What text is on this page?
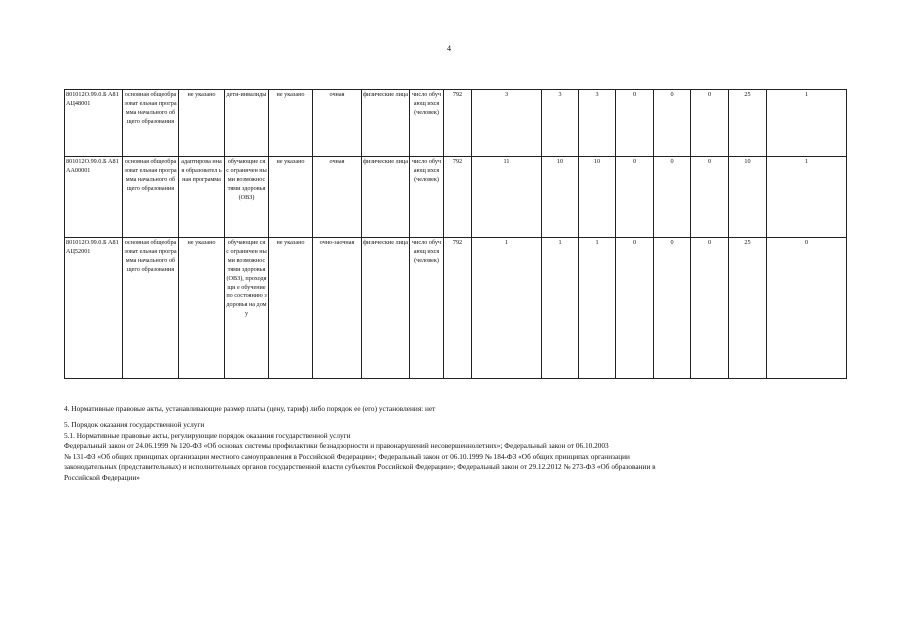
4
801012О.99.0.Б А81АЦ48001	основная общеобразоват ельная программа начального общего образования	не указано	дети-инвалиды	не указано	очная	физические лица	число обучающ ихся (человек)	792	3	3	3	0	0	0	25	1
801012О.99.0.Б А81АА00001	основная общеобразоват ельная программа начального общего образования	адаптирова нная образовател ьная программа	обучающие ся с ограничен ными возможнос тями здоровья (ОВЗ)	не указано	очная	физические лица	число обучающ ихся (человек)	792	11	10	10	0	0	0	10	1
801012О.99.0.Б А81АЦ52001	основная общеобразоват ельная программа начального общего образования	не указано	обучающие ся с ограничен ными возможнос тями здоровья (ОВЗ), проходящи е обучение по состоянию здоровья на дому	не указано	очно-заочная	физические лица	число обучающ ихся (человек)	792	1	1	1	0	0	0	25	0

4. Нормативные правовые акты, устанавливающие размер платы (цену, тариф) либо порядок ее (его) установления: нет

5. Порядок оказания государственной услуги

5.1. Нормативные правовые акты, регулирующие порядок оказания государственной услуги

Федеральный закон от 24.06.1999 № 120-ФЗ «Об основах системы профилактики безнадзорности и правонарушений несовершеннолетних»; Федеральный закон от 06.10.2003

№ 131-ФЗ «Об общих принципах организации местного самоуправления в Российской Федерации»; Федеральный закон от 06.10.1999 № 184-ФЗ «Об общих принципах организации

законодательных (представительных) и исполнительных органов государственной власти субъектов Российской Федерации»; Федеральный закон от 29.12.2012 № 273-ФЗ «Об образовании в

Российской Федерации»
